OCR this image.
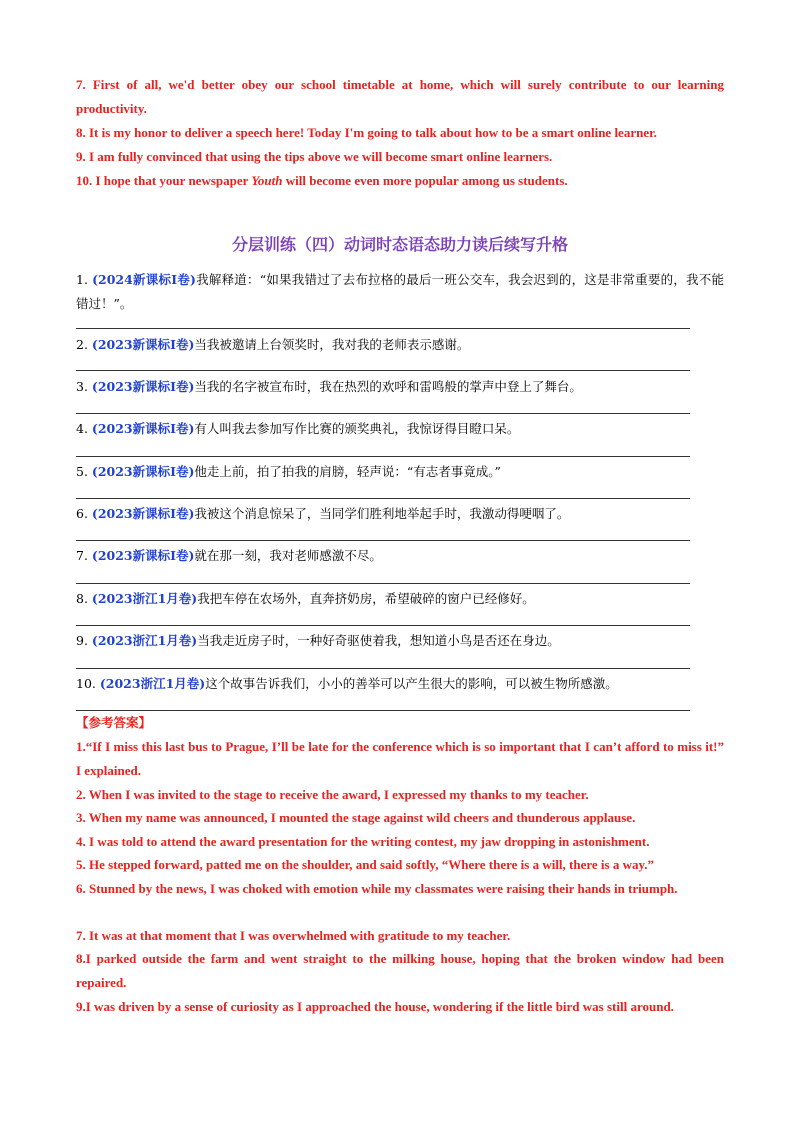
7. First of all, we'd better obey our school timetable at home, which will surely contribute to our learning productivity.
8. It is my honor to deliver a speech here! Today I'm going to talk about how to be a smart online learner.
9. I am fully convinced that using the tips above we will become smart online learners.
10. I hope that your newspaper Youth will become even more popular among us students.
分层训练（四）动词时态语态助力读后续写升格
1. (2024新课标I卷)我解释道：“如果我错过了去布拉格的最后一班公交车，我会迟到的，这是非常重要的，我不能错过！”。
2. (2023新课标I卷)当我被邀请上台领奖时，我对我的老师表示感谢。
3. (2023新课标I卷)当我的名字被宣布时，我在热烈的欢呼和雷鸣般的掌声中登上了舞台。
4. (2023新课标I卷)有人叫我去参加写作比赛的颁奖典礼，我惊讶得目瞪口呆。
5. (2023新课标I卷)他走上前，拍了拍我的肩膀，轻声说：“有志者事竟成。”
6. (2023新课标I卷)我被这个消息惊呆了，当同学们胜利地举起手时，我激动得哽咽了。
7. (2023新课标I卷)就在那一刻，我对老师感激不尽。
8. (2023浙江1月卷)我把车停在农场外，直奔挤奶房，希望破碎的窗户已经修好。
9. (2023浙江1月卷)当我走近房子时，一种好奇驱使着我，想知道小鸟是否还在身边。
10. (2023浙江1月卷)这个故事告诉我们，小小的善举可以产生很大的影响，可以被生物所感激。
【参考答案】
1.“If I miss this last bus to Prague, I’ll be late for the conference which is so important that I can’t afford to miss it!” I explained.
2. When I was invited to the stage to receive the award, I expressed my thanks to my teacher.
3. When my name was announced, I mounted the stage against wild cheers and thunderous applause.
4. I was told to attend the award presentation for the writing contest, my jaw dropping in astonishment.
5. He stepped forward, patted me on the shoulder, and said softly, “Where there is a will, there is a way.”
6. Stunned by the news, I was choked with emotion while my classmates were raising their hands in triumph.
7. It was at that moment that I was overwhelmed with gratitude to my teacher.
8.I parked outside the farm and went straight to the milking house, hoping that the broken window had been repaired.
9.I was driven by a sense of curiosity as I approached the house, wondering if the little bird was still around.
